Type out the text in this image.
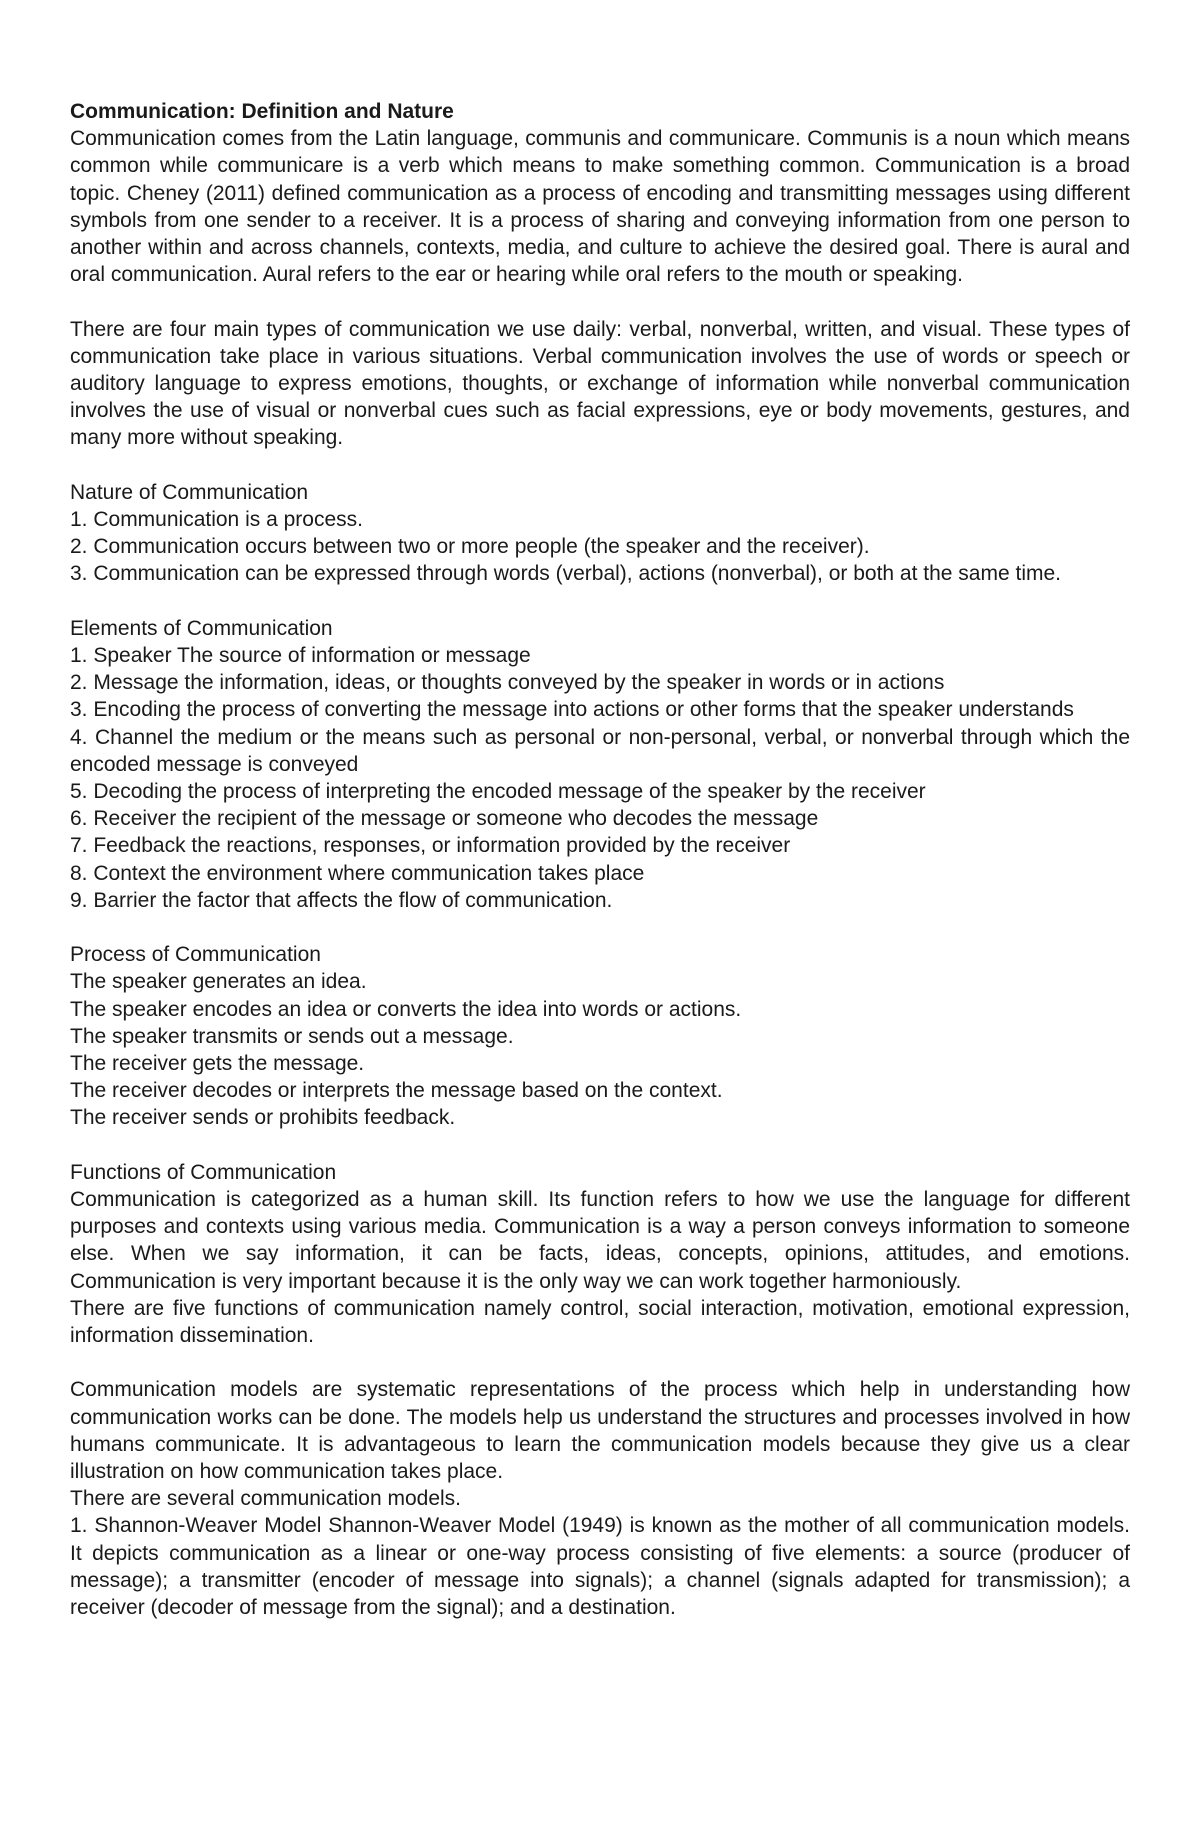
Communication: Definition and Nature

Communication comes from the Latin language, communis and communicare. Communis is a noun which means common while communicare is a verb which means to make something common. Communication is a broad topic. Cheney (2011) defined communication as a process of encoding and transmitting messages using different symbols from one sender to a receiver. It is a process of sharing and conveying information from one person to another within and across channels, contexts, media, and culture to achieve the desired goal. There is aural and oral communication. Aural refers to the ear or hearing while oral refers to the mouth or speaking.

There are four main types of communication we use daily: verbal, nonverbal, written, and visual. These types of communication take place in various situations. Verbal communication involves the use of words or speech or auditory language to express emotions, thoughts, or exchange of information while nonverbal communication involves the use of visual or nonverbal cues such as facial expressions, eye or body movements, gestures, and many more without speaking.

Nature of Communication

1. Communication is a process.

2. Communication occurs between two or more people (the speaker and the receiver).

3. Communication can be expressed through words (verbal), actions (nonverbal), or both at the same time.

Elements of Communication

1. Speaker The source of information or message

2. Message the information, ideas, or thoughts conveyed by the speaker in words or in actions

3. Encoding the process of converting the message into actions or other forms that the speaker understands

4. Channel the medium or the means such as personal or non-personal, verbal, or nonverbal through which the encoded message is conveyed

5. Decoding the process of interpreting the encoded message of the speaker by the receiver

6. Receiver the recipient of the message or someone who decodes the message

7. Feedback the reactions, responses, or information provided by the receiver

8. Context the environment where communication takes place

9. Barrier the factor that affects the flow of communication.

Process of Communication

The speaker generates an idea.

The speaker encodes an idea or converts the idea into words or actions.

The speaker transmits or sends out a message.

The receiver gets the message.

The receiver decodes or interprets the message based on the context.

The receiver sends or prohibits feedback.

Functions of Communication

Communication is categorized as a human skill. Its function refers to how we use the language for different purposes and contexts using various media. Communication is a way a person conveys information to someone else. When we say information, it can be facts, ideas, concepts, opinions, attitudes, and emotions. Communication is very important because it is the only way we can work together harmoniously.

There are five functions of communication namely control, social interaction, motivation, emotional expression, information dissemination.

Communication models are systematic representations of the process which help in understanding how communication works can be done. The models help us understand the structures and processes involved in how humans communicate. It is advantageous to learn the communication models because they give us a clear illustration on how communication takes place.

There are several communication models.

1. Shannon-Weaver Model Shannon-Weaver Model (1949) is known as the mother of all communication models. It depicts communication as a linear or one-way process consisting of five elements: a source (producer of message); a transmitter (encoder of message into signals); a channel (signals adapted for transmission); a receiver (decoder of message from the signal); and a destination.
